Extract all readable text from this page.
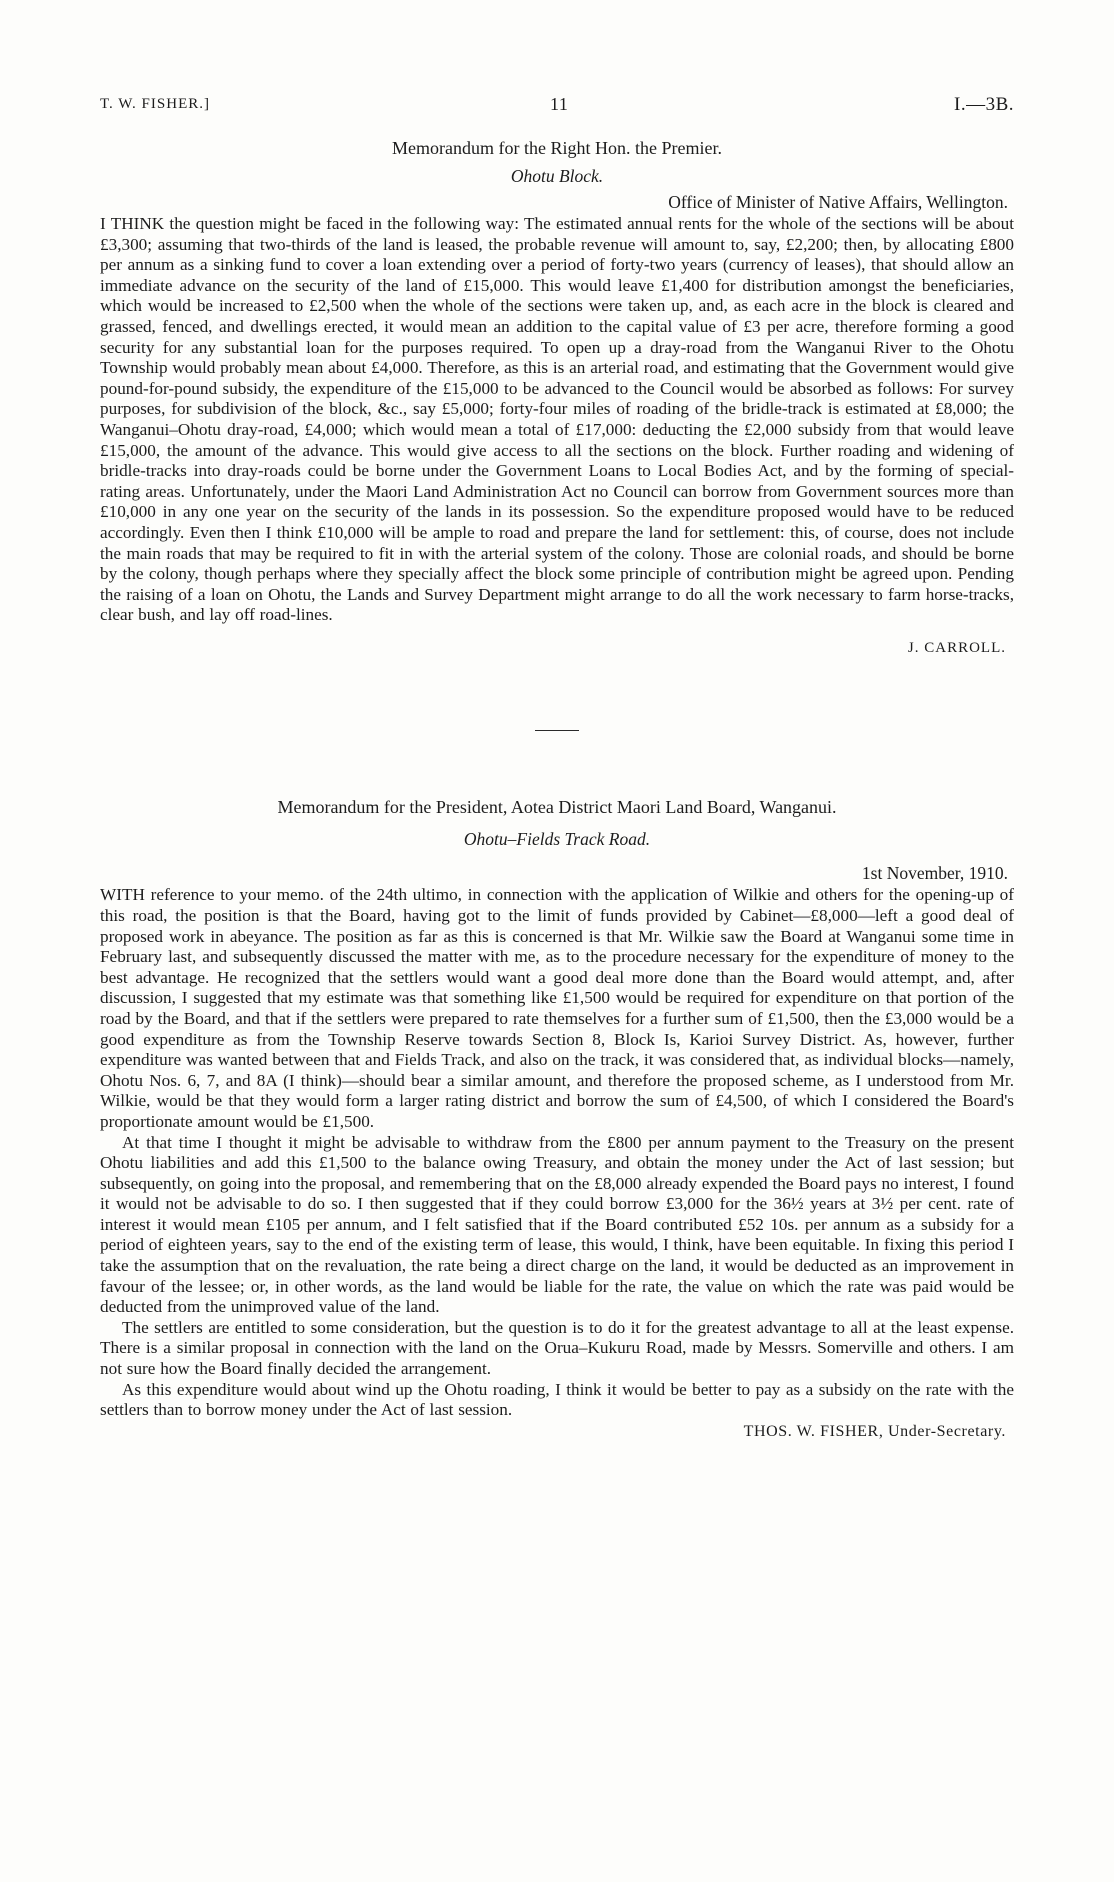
T. W. FISHER.]	11	I.—3B.

Memorandum for the Right Hon. the Premier.

Ohotu Block.

Office of Minister of Native Affairs, Wellington.

I THINK the question might be faced in the following way: The estimated annual rents for the whole of the sections will be about £3,300; assuming that two-thirds of the land is leased, the probable revenue will amount to, say, £2,200; then, by allocating £800 per annum as a sinking fund to cover a loan extending over a period of forty-two years (currency of leases), that should allow an immediate advance on the security of the land of £15,000. This would leave £1,400 for distribution amongst the beneficiaries, which would be increased to £2,500 when the whole of the sections were taken up, and, as each acre in the block is cleared and grassed, fenced, and dwellings erected, it would mean an addition to the capital value of £3 per acre, therefore forming a good security for any substantial loan for the purposes required. To open up a dray-road from the Wanganui River to the Ohotu Township would probably mean about £4,000. Therefore, as this is an arterial road, and estimating that the Government would give pound-for-pound subsidy, the expenditure of the £15,000 to be advanced to the Council would be absorbed as follows: For survey purposes, for subdivision of the block, &c., say £5,000; forty-four miles of roading of the bridle-track is estimated at £8,000; the Wanganui–Ohotu dray-road, £4,000; which would mean a total of £17,000: deducting the £2,000 subsidy from that would leave £15,000, the amount of the advance. This would give access to all the sections on the block. Further roading and widening of bridle-tracks into dray-roads could be borne under the Government Loans to Local Bodies Act, and by the forming of special-rating areas. Unfortunately, under the Maori Land Administration Act no Council can borrow from Government sources more than £10,000 in any one year on the security of the lands in its possession. So the expenditure proposed would have to be reduced accordingly. Even then I think £10,000 will be ample to road and prepare the land for settlement: this, of course, does not include the main roads that may be required to fit in with the arterial system of the colony. Those are colonial roads, and should be borne by the colony, though perhaps where they specially affect the block some principle of contribution might be agreed upon. Pending the raising of a loan on Ohotu, the Lands and Survey Department might arrange to do all the work necessary to farm horse-tracks, clear bush, and lay off road-lines.

J. CARROLL.

Memorandum for the President, Aotea District Maori Land Board, Wanganui.

Ohotu–Fields Track Road.

1st November, 1910.

WITH reference to your memo. of the 24th ultimo, in connection with the application of Wilkie and others for the opening-up of this road, the position is that the Board, having got to the limit of funds provided by Cabinet—£8,000—left a good deal of proposed work in abeyance. The position as far as this is concerned is that Mr. Wilkie saw the Board at Wanganui some time in February last, and subsequently discussed the matter with me, as to the procedure necessary for the expenditure of money to the best advantage. He recognized that the settlers would want a good deal more done than the Board would attempt, and, after discussion, I suggested that my estimate was that something like £1,500 would be required for expenditure on that portion of the road by the Board, and that if the settlers were prepared to rate themselves for a further sum of £1,500, then the £3,000 would be a good expenditure as from the Township Reserve towards Section 8, Block Is, Karioi Survey District. As, however, further expenditure was wanted between that and Fields Track, and also on the track, it was considered that, as individual blocks—namely, Ohotu Nos. 6, 7, and 8A (I think)—should bear a similar amount, and therefore the proposed scheme, as I understood from Mr. Wilkie, would be that they would form a larger rating district and borrow the sum of £4,500, of which I considered the Board's proportionate amount would be £1,500.

At that time I thought it might be advisable to withdraw from the £800 per annum payment to the Treasury on the present Ohotu liabilities and add this £1,500 to the balance owing Treasury, and obtain the money under the Act of last session; but subsequently, on going into the proposal, and remembering that on the £8,000 already expended the Board pays no interest, I found it would not be advisable to do so. I then suggested that if they could borrow £3,000 for the 36½ years at 3½ per cent. rate of interest it would mean £105 per annum, and I felt satisfied that if the Board contributed £52 10s. per annum as a subsidy for a period of eighteen years, say to the end of the existing term of lease, this would, I think, have been equitable. In fixing this period I take the assumption that on the revaluation, the rate being a direct charge on the land, it would be deducted as an improvement in favour of the lessee; or, in other words, as the land would be liable for the rate, the value on which the rate was paid would be deducted from the unimproved value of the land.

The settlers are entitled to some consideration, but the question is to do it for the greatest advantage to all at the least expense. There is a similar proposal in connection with the land on the Orua–Kukuru Road, made by Messrs. Somerville and others. I am not sure how the Board finally decided the arrangement.

As this expenditure would about wind up the Ohotu roading, I think it would be better to pay as a subsidy on the rate with the settlers than to borrow money under the Act of last session.

THOS. W. FISHER, Under-Secretary.
